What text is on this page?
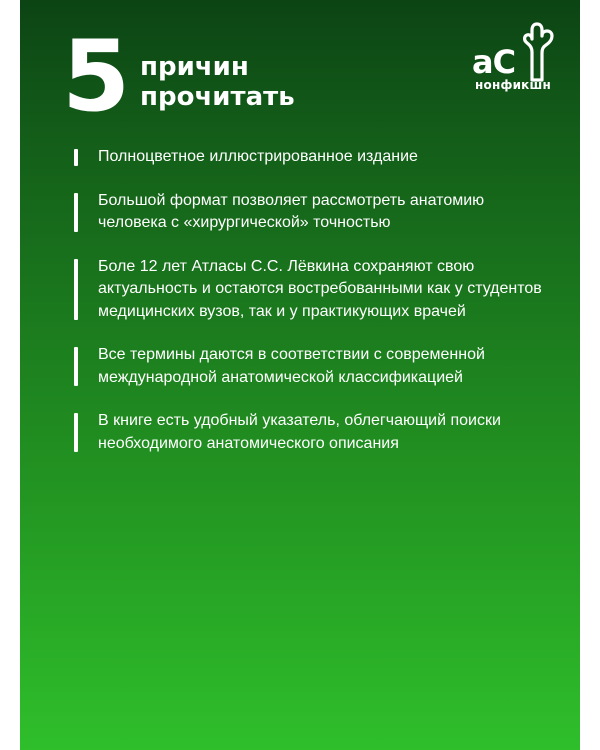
5 причин
прочитать
аС
нонфикшн
Полноцветное иллюстрированное издание
Большой формат позволяет рассмотреть анатомию человека с «хирургической» точностью
Боле 12 лет Атласы С.С. Лёвкина сохраняют свою актуальность и остаются востребованными как у студентов медицинских вузов, так и у практикующих врачей
Все термины даются в соответствии с современной международной анатомической классификацией
В книге есть удобный указатель, облегчающий поиски необходимого анатомического описания
